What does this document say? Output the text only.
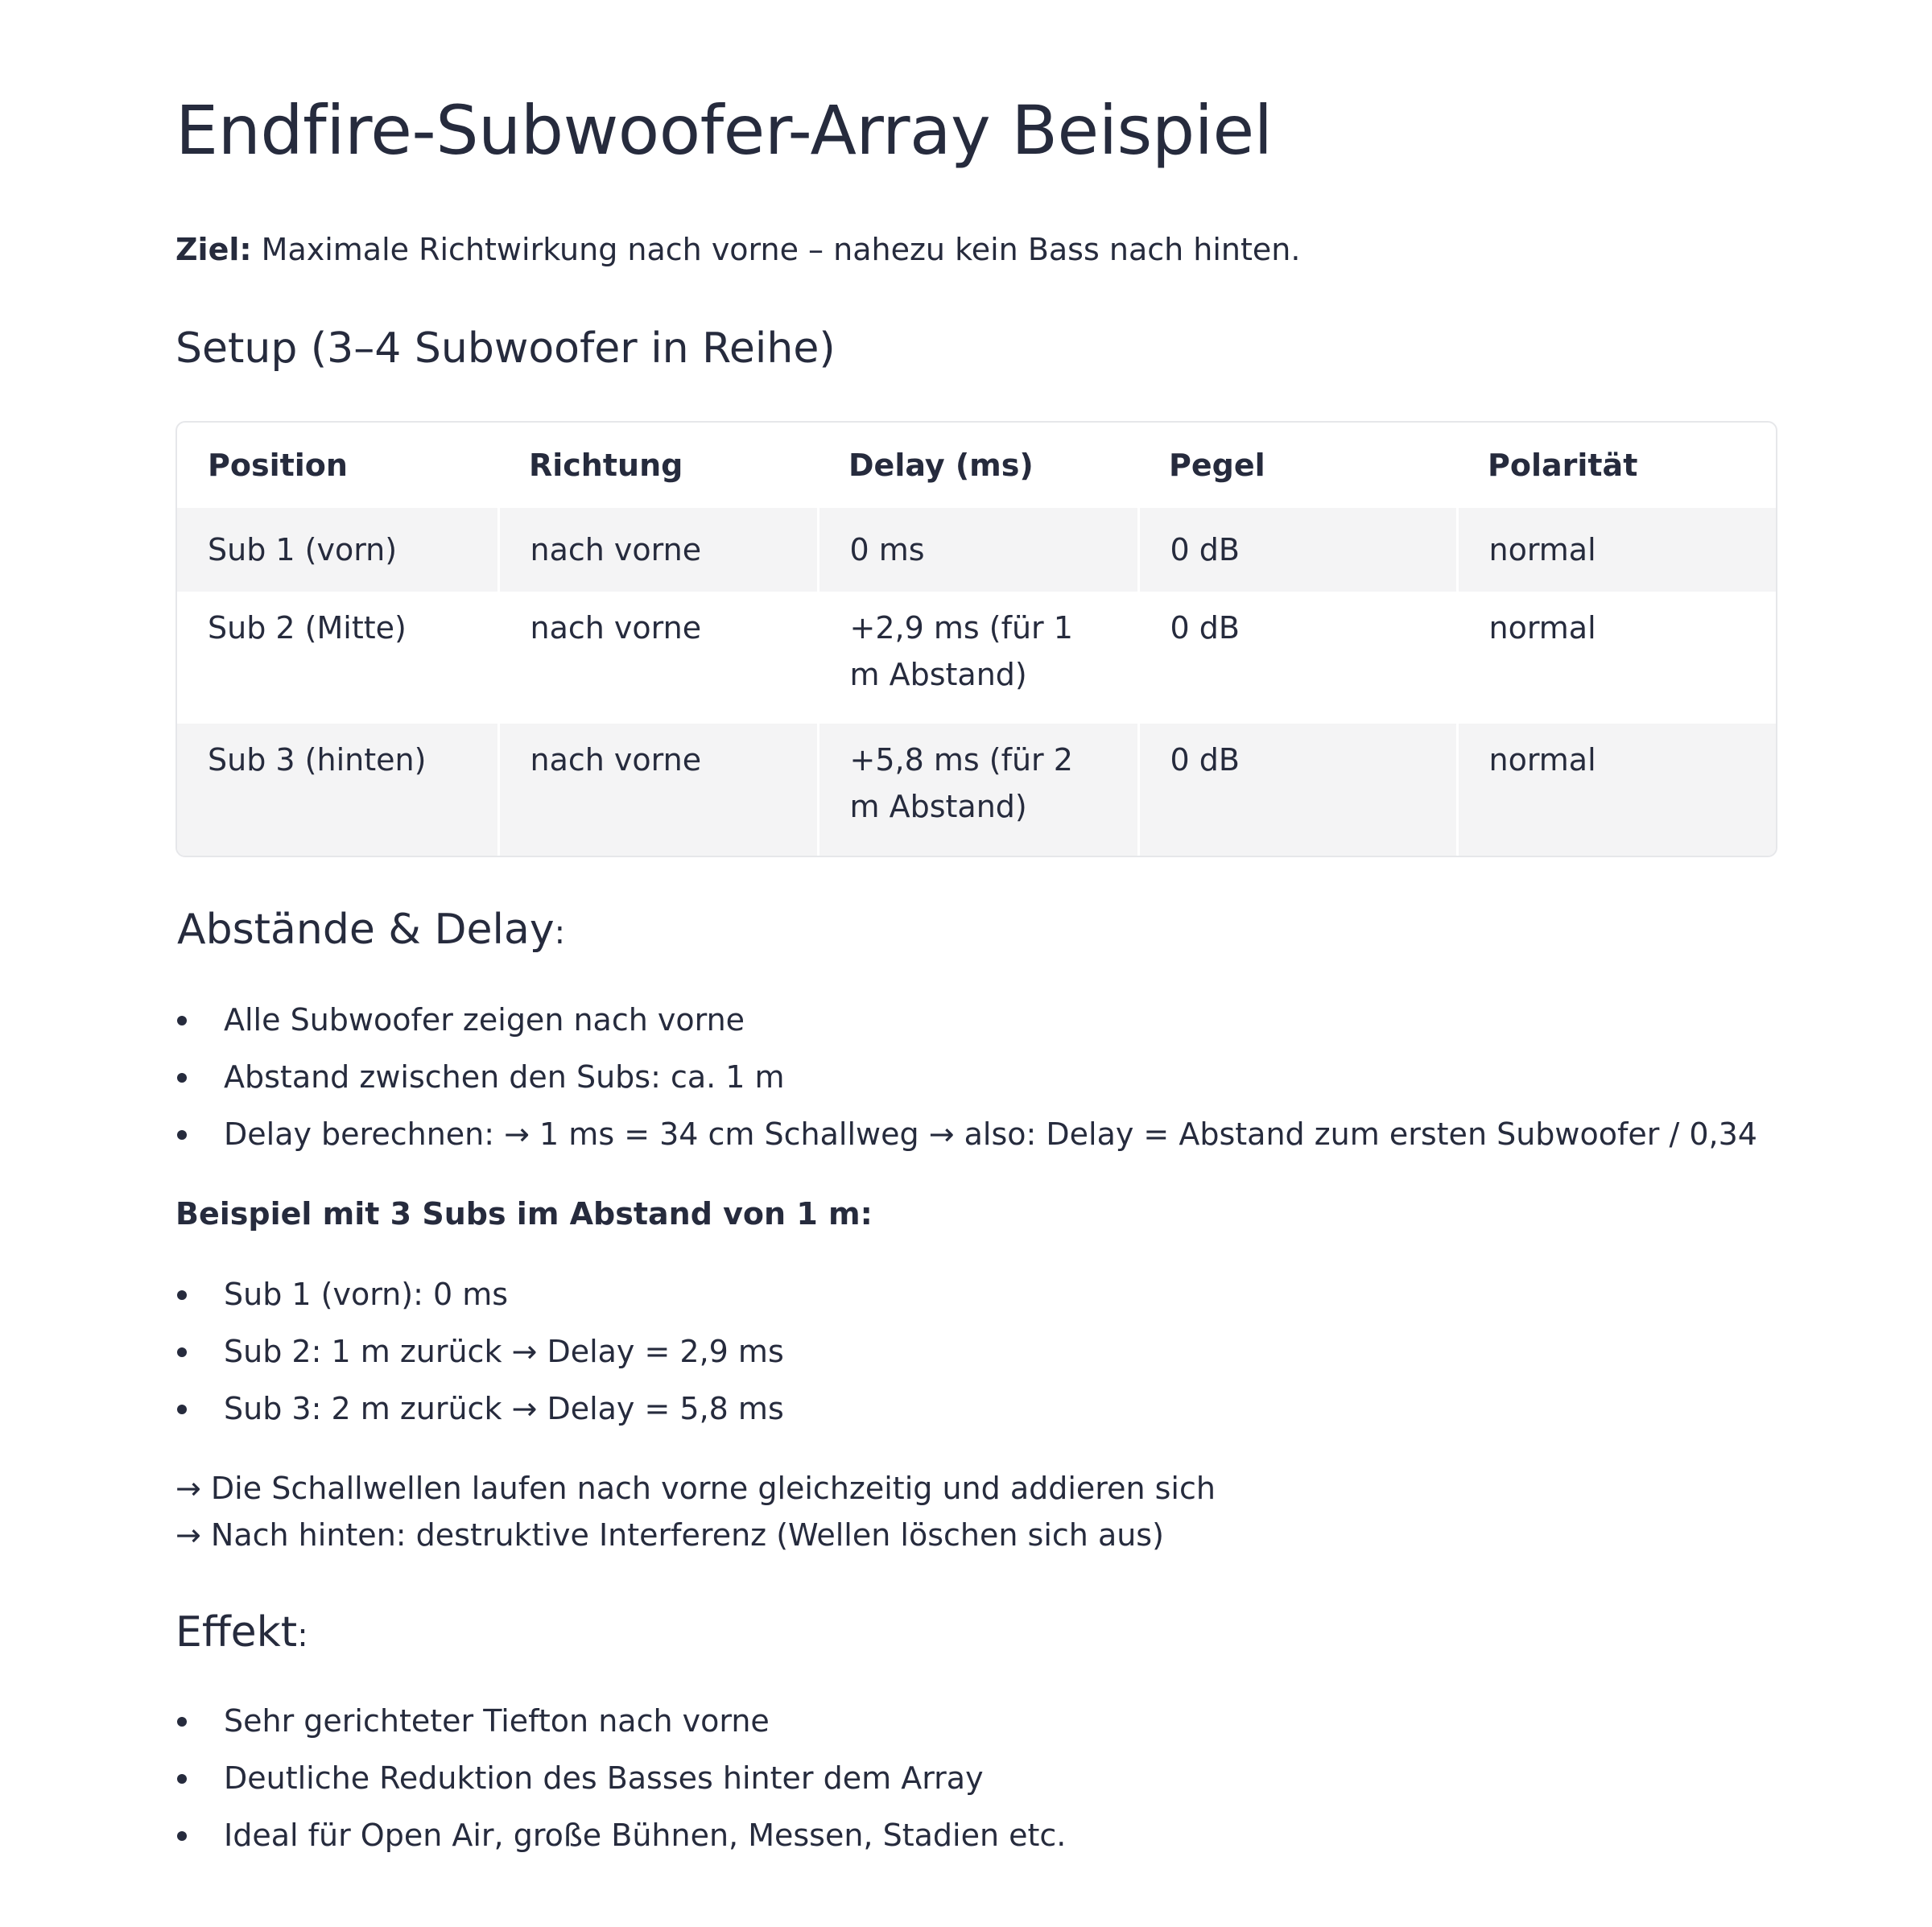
Endfire-Subwoofer-Array Beispiel

Ziel: Maximale Richtwirkung nach vorne – nahezu kein Bass nach hinten.

Setup (3–4 Subwoofer in Reihe)
Position	Richtung	Delay (ms)	Pegel	Polarität
Sub 1 (vorn)	nach vorne	0 ms	0 dB	normal
Sub 2 (Mitte)	nach vorne	+2,9 ms (für 1 m Abstand)	0 dB	normal
Sub 3 (hinten)	nach vorne	+5,8 ms (für 2 m Abstand)	0 dB	normal
Abstände & Delay:
Alle Subwoofer zeigen nach vorne
Abstand zwischen den Subs: ca. 1 m
Delay berechnen: → 1 ms = 34 cm Schallweg → also: Delay = Abstand zum ersten Subwoofer / 0,34

Beispiel mit 3 Subs im Abstand von 1 m:

Sub 1 (vorn): 0 ms
Sub 2: 1 m zurück → Delay = 2,9 ms
Sub 3: 2 m zurück → Delay = 5,8 ms
→ Die Schallwellen laufen nach vorne gleichzeitig und addieren sich
→ Nach hinten: destruktive Interferenz (Wellen löschen sich aus)
Effekt:
Sehr gerichteter Tiefton nach vorne
Deutliche Reduktion des Basses hinter dem Array
Ideal für Open Air, große Bühnen, Messen, Stadien etc.
